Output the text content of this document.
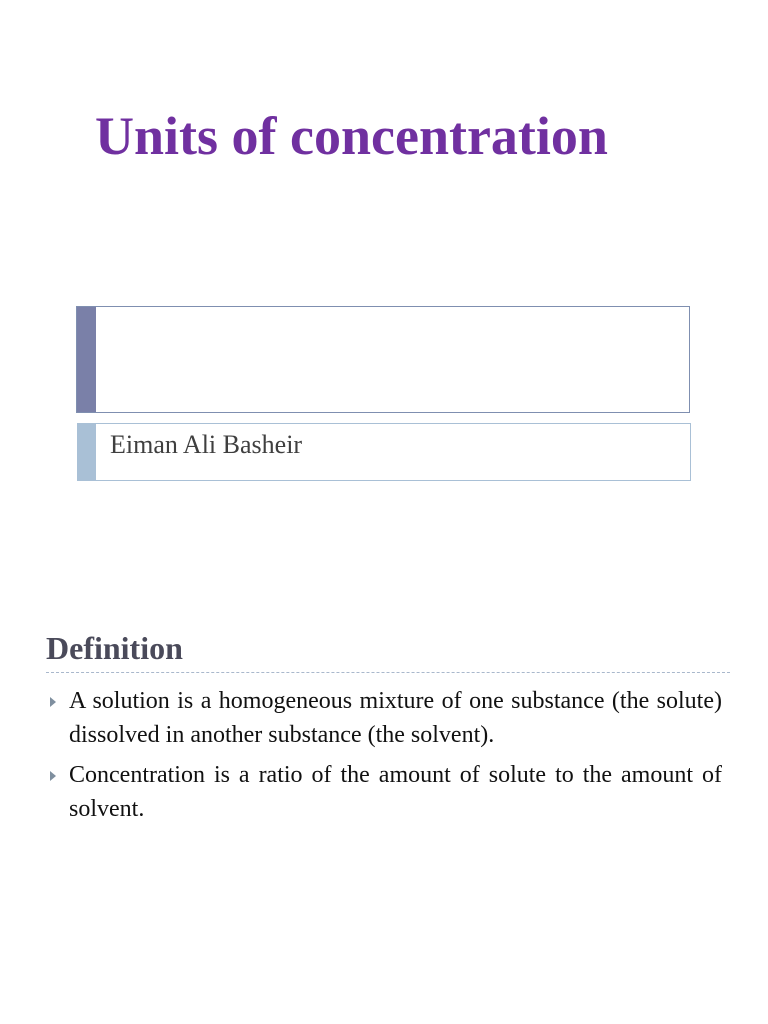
Units of concentration
Eiman Ali Basheir
Definition
A solution is a homogeneous mixture of one substance (the solute) dissolved in another substance (the solvent).
Concentration is a ratio of the amount of solute to the amount of solvent.
